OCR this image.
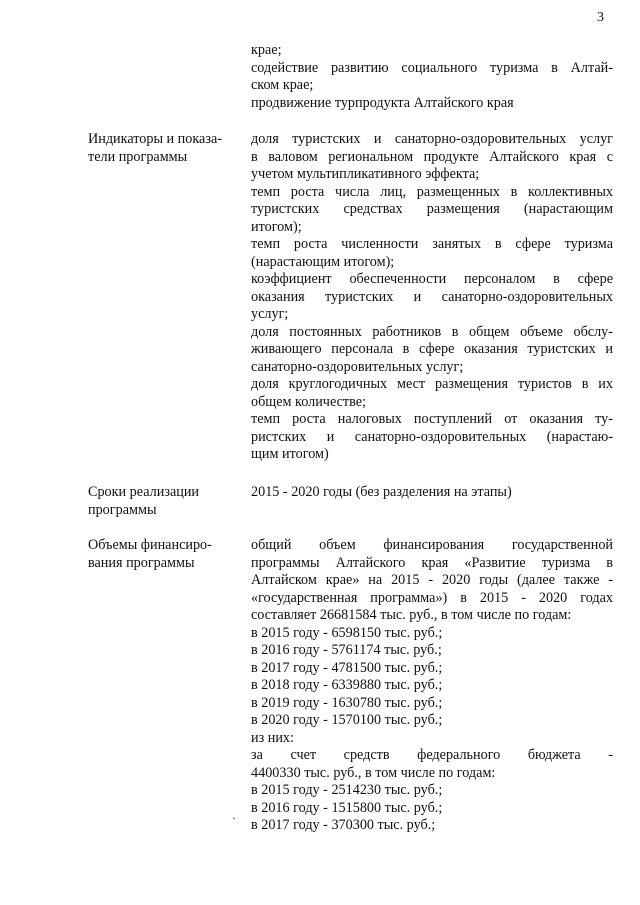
3
крае;
содействие развитию социального туризма в Алтай-
ском крае;
продвижение турпродукта Алтайского края
Индикаторы и показа-
тели программы
доля туристских и санаторно-оздоровительных услуг
в валовом региональном продукте Алтайского края с
учетом мультипликативного эффекта;
темп роста числа лиц, размещенных в коллективных
туристских средствах размещения (нарастающим
итогом);
темп роста численности занятых в сфере туризма
(нарастающим итогом);
коэффициент обеспеченности персоналом в сфере
оказания туристских и санаторно-оздоровительных
услуг;
доля постоянных работников в общем объеме обслу-
живающего персонала в сфере оказания туристских и
санаторно-оздоровительных услуг;
доля круглогодичных мест размещения туристов в их
общем количестве;
темп роста налоговых поступлений от оказания ту-
ристских и санаторно-оздоровительных (нарастаю-
щим итогом)
Сроки реализации
программы
2015 - 2020 годы (без разделения на этапы)
Объемы финансиро-
вания программы
общий объем финансирования государственной
программы Алтайского края «Развитие туризма в
Алтайском крае» на 2015 - 2020 годы (далее также -
«государственная программа») в 2015 - 2020 годах
составляет 26681584 тыс. руб., в том числе по годам:
в 2015 году - 6598150 тыс. руб.;
в 2016 году - 5761174 тыс. руб.;
в 2017 году - 4781500 тыс. руб.;
в 2018 году - 6339880 тыс. руб.;
в 2019 году - 1630780 тыс. руб.;
в 2020 году - 1570100 тыс. руб.;
из них:
за счет средств федерального бюджета -
4400330 тыс. руб., в том числе по годам:
в 2015 году - 2514230 тыс. руб.;
в 2016 году - 1515800 тыс. руб.;
в 2017 году - 370300 тыс. руб.;
`
